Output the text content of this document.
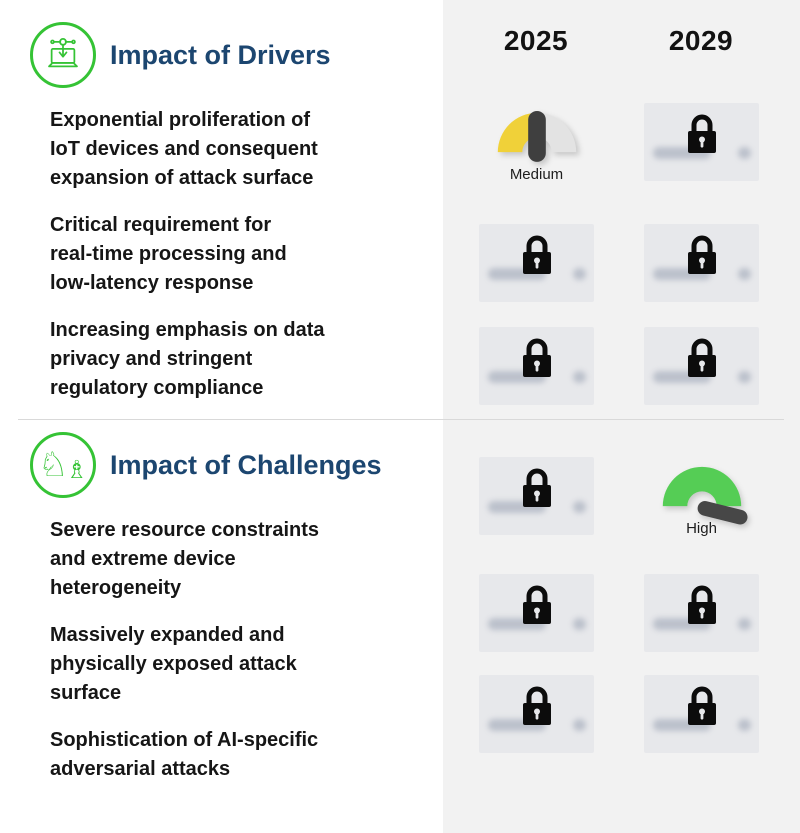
2025	2029
Impact of Drivers
Exponential proliferation of
IoT devices and consequent
expansion of attack surface
Critical requirement for
real-time processing and
low-latency response
Increasing emphasis on data
privacy and stringent
regulatory compliance
♘
♗ Impact of Challenges
Severe resource constraints
and extreme device
heterogeneity
Massively expanded and
physically exposed attack
surface
Sophistication of AI-specific
adversarial attacks
Medium
High
